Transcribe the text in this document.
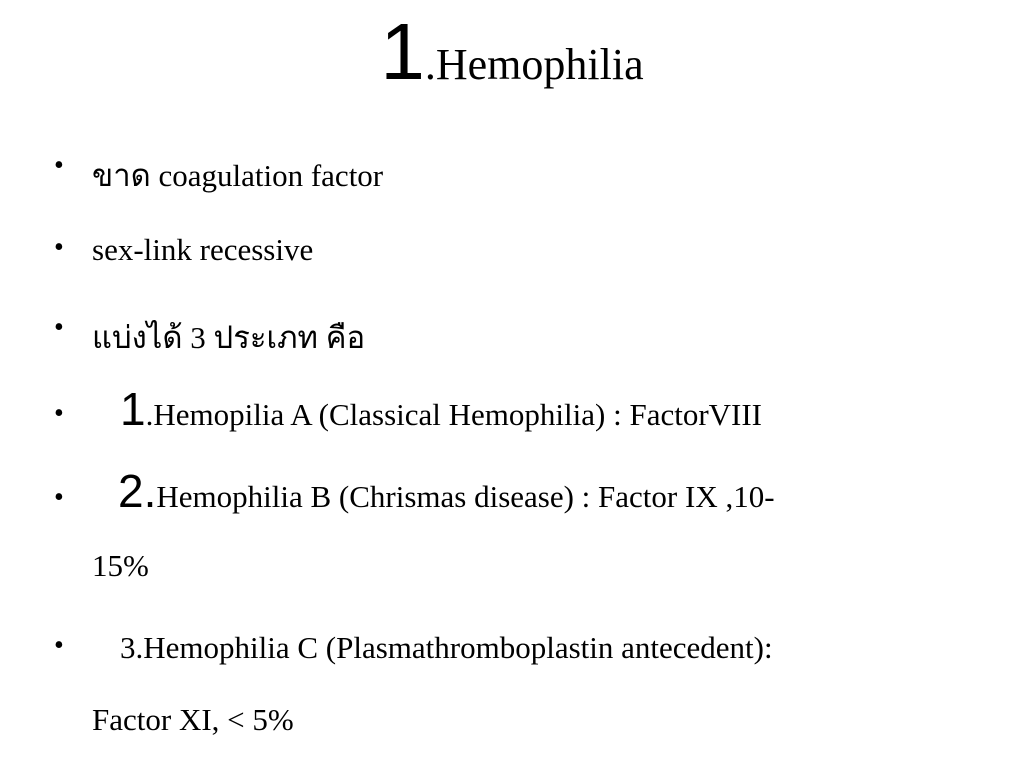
1.Hemophilia
• ขาด coagulation factor
• sex-link recessive
• แบ่งได้ 3 ประเภท คือ
• 1.Hemopilia A (Classical Hemophilia) : FactorVIII
• 2.Hemophilia B (Chrismas disease) : Factor IX ,10-
15%
• 3.Hemophilia C (Plasmathromboplastin antecedent):
Factor XI, < 5%
